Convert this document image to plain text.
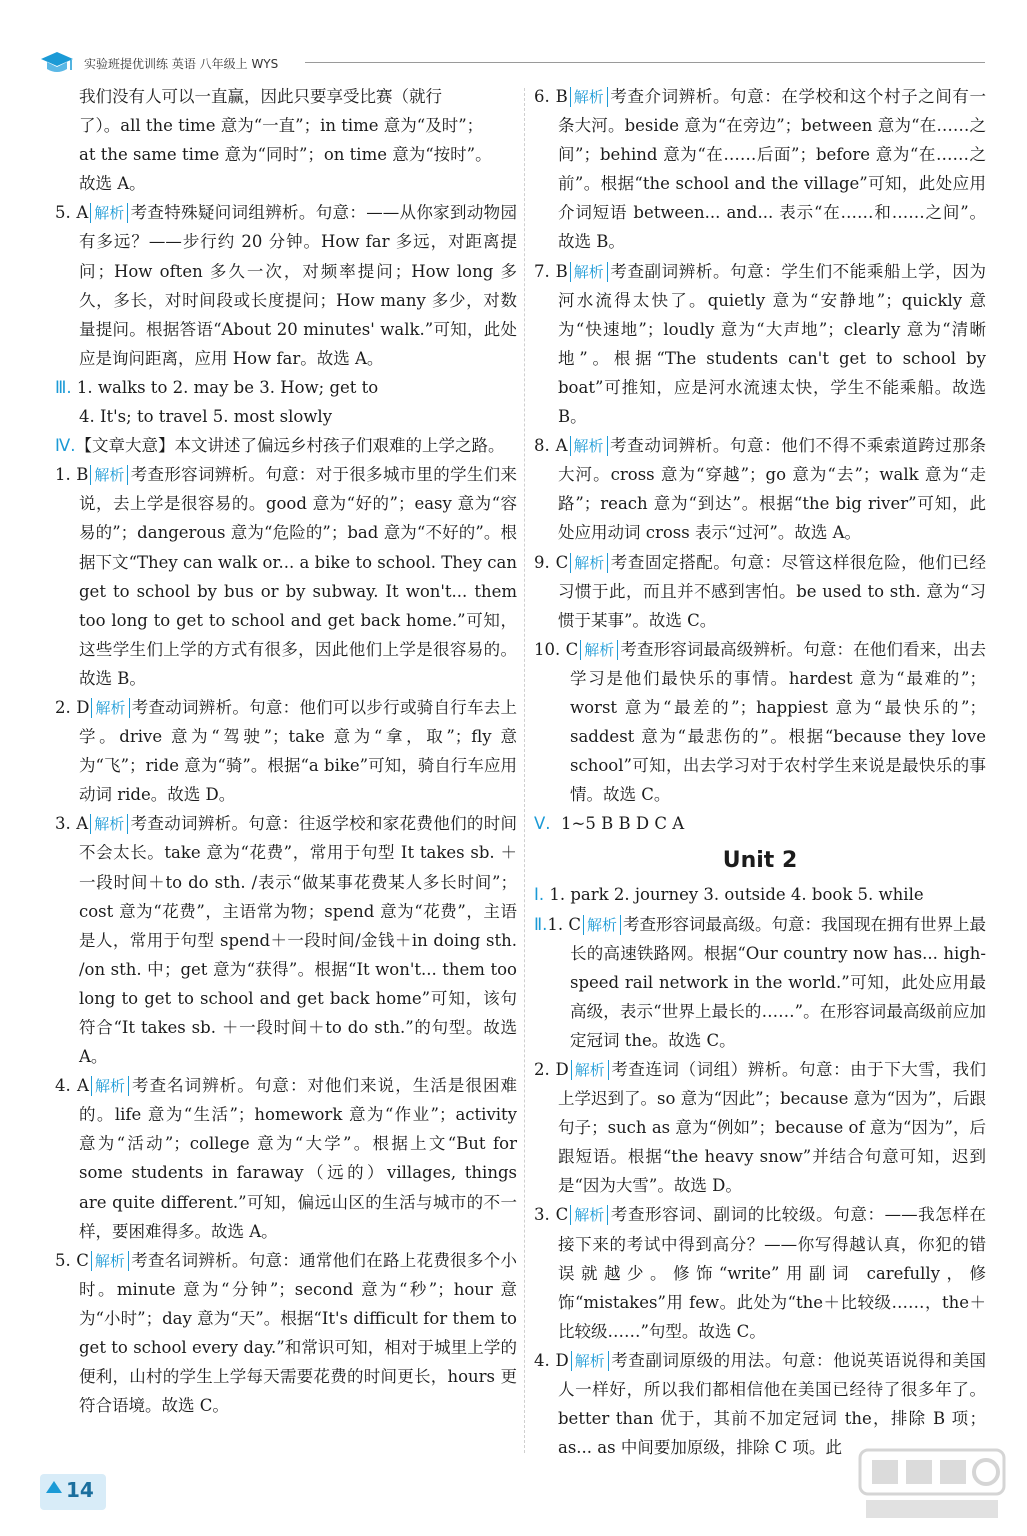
实验班提优训练 英语 八年级上 WYS
我们没有人可以一直赢，因此只要享受比赛（就行
了）。all the time 意为“一直”；in time 意为“及时”；
at the same time 意为“同时”；on time 意为“按时”。
故选 A。
5. A 解析 考查特殊疑问词组辨析。句意：——从你家到动物园有多远？——步行约 20 分钟。How far 多远，对距离提问；How often 多久一次，对频率提问；How long 多久，多长，对时间段或长度提问；How many 多少，对数量提问。根据答语“About 20 minutes' walk.”可知，此处应是询问距离，应用 How far。故选 A。
Ⅲ. 1. walks to 2. may be 3. How; get to
4. It's; to travel 5. most slowly
Ⅳ.【文章大意】本文讲述了偏远乡村孩子们艰难的上学之路。
1. B 解析 考查形容词辨析。句意：对于很多城市里的学生们来说，去上学是很容易的。good 意为“好的”；easy 意为“容易的”；dangerous 意为“危险的”；bad 意为“不好的”。根据下文“They can walk or... a bike to school. They can get to school by bus or by subway. It won't... them too long to get to school and get back home.”可知，这些学生们上学的方式有很多，因此他们上学是很容易的。故选 B。
2. D 解析 考查动词辨析。句意：他们可以步行或骑自行车去上学。drive 意为“驾驶”；take 意为“拿，取”；fly 意为“飞”；ride 意为“骑”。根据“a bike”可知，骑自行车应用动词 ride。故选 D。
3. A 解析 考查动词辨析。句意：往返学校和家花费他们的时间不会太长。take 意为“花费”，常用于句型 It takes sb. ＋一段时间＋to do sth. /表示“做某事花费某人多长时间”；cost 意为“花费”，主语常为物；spend 意为“花费”，主语是人，常用于句型 spend＋一段时间/金钱＋in doing sth. /on sth. 中；get 意为“获得”。根据“It won't... them too long to get to school and get back home”可知，该句符合“It takes sb. ＋一段时间＋to do sth.”的句型。故选 A。
4. A 解析 考查名词辨析。句意：对他们来说，生活是很困难的。life 意为“生活”；homework 意为“作业”；activity 意为“活动”；college 意为“大学”。根据上文“But for some students in faraway（远的）villages, things are quite different.”可知，偏远山区的生活与城市的不一样，要困难得多。故选 A。
5. C 解析 考查名词辨析。句意：通常他们在路上花费很多个小时。minute 意为“分钟”；second 意为“秒”；hour 意为“小时”；day 意为“天”。根据“It's difficult for them to get to school every day.”和常识可知，相对于城里上学的便利，山村的学生上学每天需要花费的时间更长，hours 更符合语境。故选 C。
6. B 解析 考查介词辨析。句意：在学校和这个村子之间有一条大河。beside 意为“在旁边”；between 意为“在……之间”；behind 意为“在……后面”；before 意为“在……之前”。根据“the school and the village”可知，此处应用介词短语 between... and... 表示“在……和……之间”。故选 B。
7. B 解析 考查副词辨析。句意：学生们不能乘船上学，因为河水流得太快了。quietly 意为“安静地”；quickly 意为“快速地”；loudly 意为“大声地”；clearly 意为“清晰地”。根据“The students can't get to school by boat”可推知，应是河水流速太快，学生不能乘船。故选 B。
8. A 解析 考查动词辨析。句意：他们不得不乘索道跨过那条大河。cross 意为“穿越”；go 意为“去”；walk 意为“走路”；reach 意为“到达”。根据“the big river”可知，此处应用动词 cross 表示“过河”。故选 A。
9. C 解析 考查固定搭配。句意：尽管这样很危险，他们已经习惯于此，而且并不感到害怕。be used to sth. 意为“习惯于某事”。故选 C。
10. C 解析 考查形容词最高级辨析。句意：在他们看来，出去学习是他们最快乐的事情。hardest 意为“最难的”；worst 意为“最差的”；happiest 意为“最快乐的”；saddest 意为“最悲伤的”。根据“because they love school”可知，出去学习对于农村学生来说是最快乐的事情。故选 C。
Ⅴ. 1~5 B B D C A
Unit 2
Ⅰ. 1. park 2. journey 3. outside 4. book 5. while
Ⅱ.1. C 解析 考查形容词最高级。句意：我国现在拥有世界上最长的高速铁路网。根据“Our country now has... high-speed rail network in the world.”可知，此处应用最高级，表示“世界上最长的……”。在形容词最高级前应加定冠词 the。故选 C。
2. D 解析 考查连词（词组）辨析。句意：由于下大雪，我们上学迟到了。so 意为“因此”；because 意为“因为”，后跟句子；such as 意为“例如”；because of 意为“因为”，后跟短语。根据“the heavy snow”并结合句意可知，迟到是“因为大雪”。故选 D。
3. C 解析 考查形容词、副词的比较级。句意：——我怎样在接下来的考试中得到高分？——你写得越认真，你犯的错误就越少。修饰“write”用副词 carefully，修饰“mistakes”用 few。此处为“the＋比较级……，the＋比较级……”句型。故选 C。
4. D 解析 考查副词原级的用法。句意：他说英语说得和美国人一样好，所以我们都相信他在美国已经待了很多年了。better than 优于，其前不加定冠词 the，排除 B 项；as... as 中间要加原级，排除 C 项。此
14
